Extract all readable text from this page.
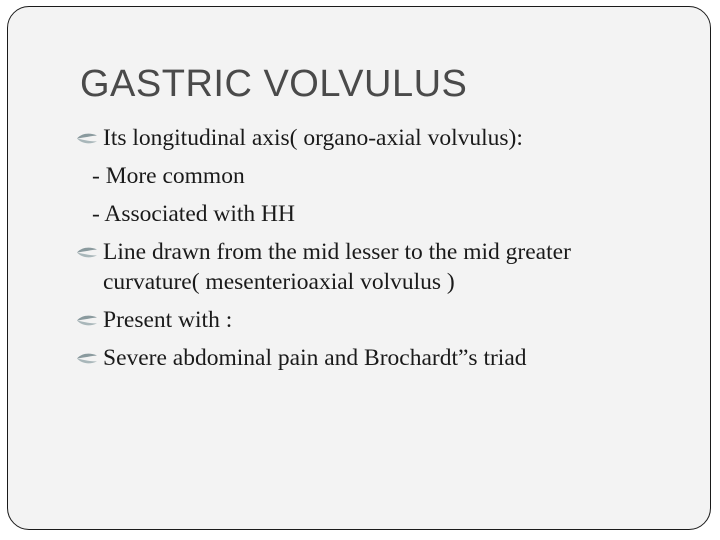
GASTRIC VOLVULUS
Its longitudinal axis( organo-axial volvulus):
- More common
- Associated with HH
Line drawn from the mid lesser to the mid greater curvature( mesenterioaxial volvulus )
Present with :
Severe abdominal pain and Brochardt”s triad
